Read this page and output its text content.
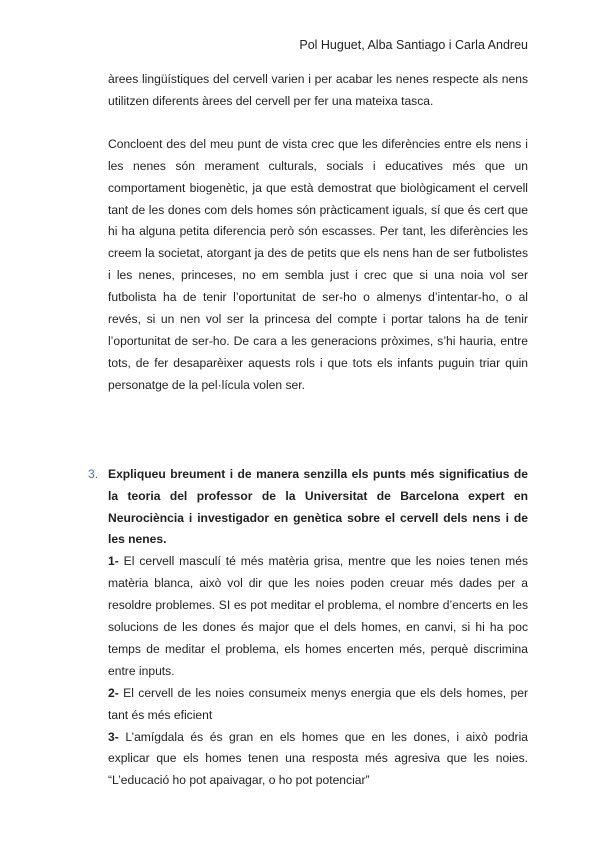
Pol Huguet, Alba Santiago i Carla Andreu

àrees lingüístiques del cervell varien i per acabar les nenes respecte als nens utilitzen diferents àrees del cervell per fer una mateixa tasca.

Concloent des del meu punt de vista crec que les diferències entre els nens i les nenes són merament culturals, socials i educatives més que un comportament biogenètic, ja que està demostrat que biològicament el cervell tant de les dones com dels homes són pràcticament iguals, sí que és cert que hi ha alguna petita diferencia però són escasses. Per tant, les diferències les creem la societat, atorgant ja des de petits que els nens han de ser futbolistes i les nenes, princeses, no em sembla just i crec que si una noia vol ser futbolista ha de tenir l’oportunitat de ser-ho o almenys d’intentar-ho, o al revés, si un nen vol ser la princesa del compte i portar talons ha de tenir l’oportunitat de ser-ho. De cara a les generacions pròximes, s’hi hauria, entre tots, de fer desaparèixer aquests rols i que tots els infants puguin triar quin personatge de la pel·lícula volen ser.

3. Expliqueu breument i de manera senzilla els punts més significatius de la teoria del professor de la Universitat de Barcelona expert en Neurociència i investigador en genètica sobre el cervell dels nens i de les nenes.

1- El cervell masculí té més matèria grisa, mentre que les noies tenen més matèria blanca, això vol dir que les noies poden creuar més dades per a resoldre problemes. SI es pot meditar el problema, el nombre d’encerts en les solucions de les dones és major que el dels homes, en canvi, si hi ha poc temps de meditar el problema, els homes encerten més, perquè discrimina entre inputs.

2- El cervell de les noies consumeix menys energia que els dels homes, per tant és més eficient

3- L’amígdala és és gran en els homes que en les dones, i això podria explicar que els homes tenen una resposta més agresiva que les noies. “L’educació ho pot apaivagar, o ho pot potenciar”
